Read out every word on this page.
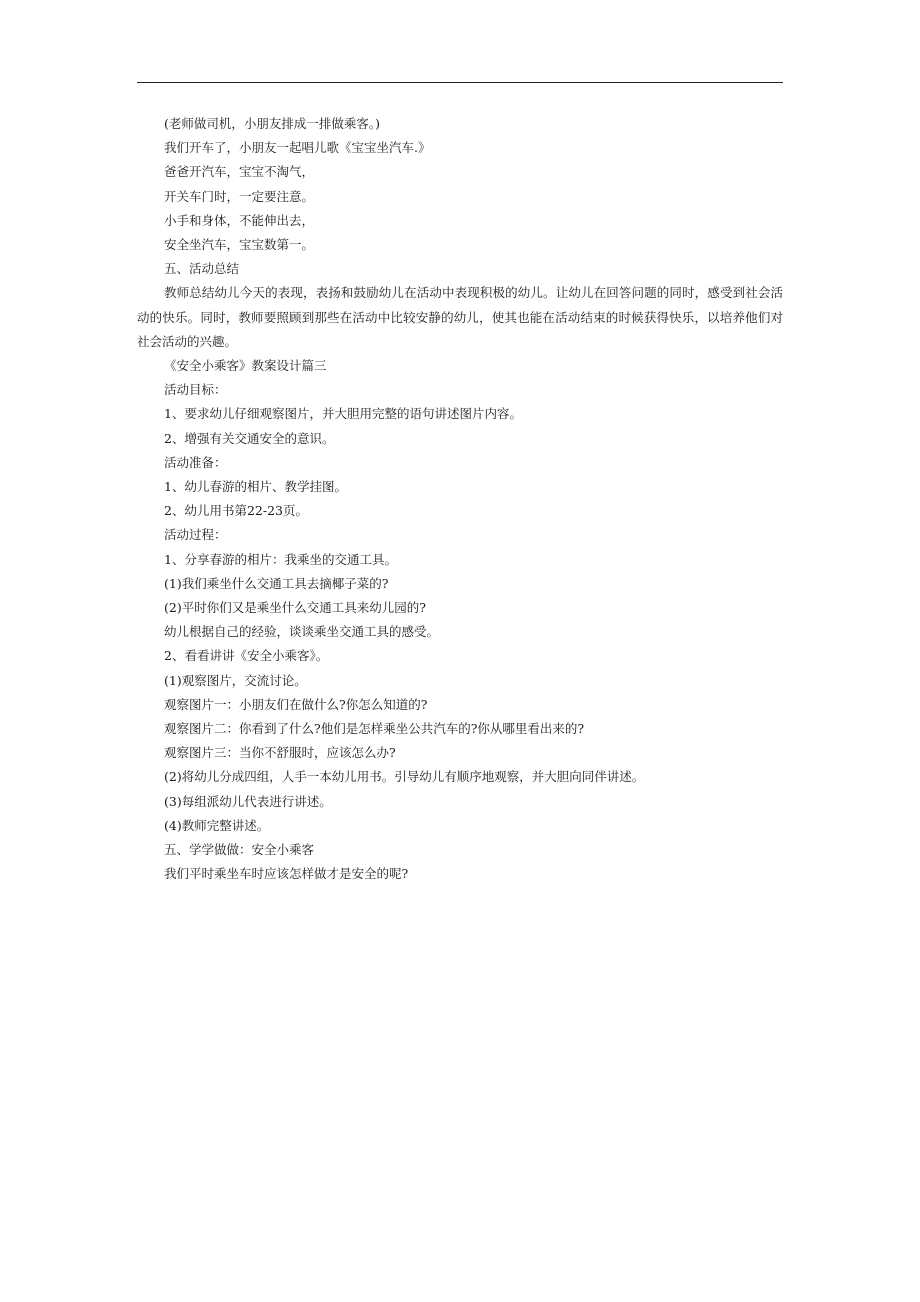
(老师做司机，小朋友排成一排做乘客。)

我们开车了，小朋友一起唱儿歌《宝宝坐汽车.》

爸爸开汽车，宝宝不淘气，

开关车门时，一定要注意。

小手和身体，不能伸出去，

安全坐汽车，宝宝数第一。

五、活动总结

教师总结幼儿今天的表现，表扬和鼓励幼儿在活动中表现积极的幼儿。让幼儿在回答问题的同时，感受到社会活动的快乐。同时，教师要照顾到那些在活动中比较安静的幼儿，使其也能在活动结束的时候获得快乐，以培养他们对社会活动的兴趣。

《安全小乘客》教案设计篇三

活动目标：

1、要求幼儿仔细观察图片，并大胆用完整的语句讲述图片内容。

2、增强有关交通安全的意识。

活动准备：

1、幼儿春游的相片、教学挂图。

2、幼儿用书第22-23页。

活动过程：

1、分享春游的相片：我乘坐的交通工具。

(1)我们乘坐什么交通工具去摘椰子菜的?

(2)平时你们又是乘坐什么交通工具来幼儿园的?

幼儿根据自己的经验，谈谈乘坐交通工具的感受。

2、看看讲讲《安全小乘客》。

(1)观察图片，交流讨论。

观察图片一：小朋友们在做什么?你怎么知道的?

观察图片二：你看到了什么?他们是怎样乘坐公共汽车的?你从哪里看出来的?

观察图片三：当你不舒服时，应该怎么办?

(2)将幼儿分成四组，人手一本幼儿用书。引导幼儿有顺序地观察，并大胆向同伴讲述。

(3)每组派幼儿代表进行讲述。

(4)教师完整讲述。

五、学学做做：安全小乘客

我们平时乘坐车时应该怎样做才是安全的呢?
